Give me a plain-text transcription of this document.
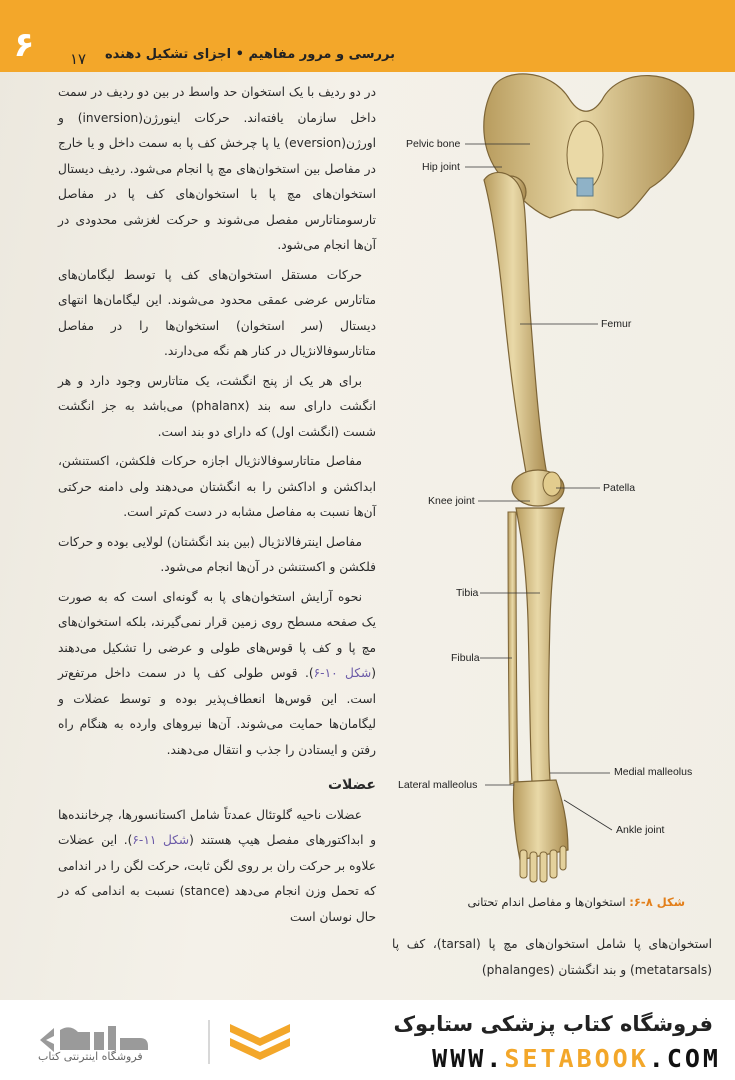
۶	۱۷ بررسی و مرور مفاهیم • اجزای تشکیل دهنده

در دو ردیف با یک استخوان حد واسط در بین دو ردیف در سمت داخل سازمان یافته‌اند. حرکات اینورژن(inversion) و اورژن(eversion) یا پا چرخش کف پا به سمت داخل و یا خارج در مفاصل بین استخوان‌های مچ پا انجام می‌شود. ردیف دیستال استخوان‌های مچ پا با استخوان‌های کف پا در مفاصل تارسومتاتارس مفصل می‌شوند و حرکت لغزشی محدودی در آن‌ها انجام می‌شود.

حرکات مستقل استخوان‌های کف پا توسط لیگامان‌های متاتارس عرضی عمقی محدود می‌شوند. این لیگامان‌ها انتهای دیستال (سر استخوان) استخوان‌ها را در مفاصل متاتارسوفالانژیال در کنار هم نگه می‌دارند.

برای هر یک از پنج انگشت، یک متاتارس وجود دارد و هر انگشت دارای سه بند (phalanx) می‌باشد به جز انگشت شست (انگشت اول) که دارای دو بند است.

مفاصل متاتارسوفالانژیال اجازه حرکات فلکشن، اکستنشن، ابداکشن و اداکشن را به انگشتان می‌دهند ولی دامنه حرکتی آن‌ها نسبت به مفاصل مشابه در دست کم‌تر است.

مفاصل اینترفالانژیال (بین بند انگشتان) لولایی بوده و حرکات فلکشن و اکستنشن در آن‌ها انجام می‌شود.

نحوه آرایش استخوان‌های پا به گونه‌ای است که به صورت یک صفحه مسطح روی زمین قرار نمی‌گیرند، بلکه استخوان‌های مچ پا و کف پا قوس‌های طولی و عرضی را تشکیل می‌دهند (شکل ۱۰-۶). قوس طولی کف پا در سمت داخل مرتفع‌تر است. این قوس‌ها انعطاف‌پذیر بوده و توسط عضلات و لیگامان‌ها حمایت می‌شوند. آن‌ها نیروهای وارده به هنگام راه رفتن و ایستادن را جذب و انتقال می‌دهند.

عضلات

عضلات ناحیه گلوتئال عمدتاً شامل اکستانسورها، چرخاننده‌ها و ابداکتورهای مفصل هیپ هستند (شکل ۱۱-۶). این عضلات علاوه بر حرکت ران بر روی لگن ثابت، حرکت لگن را در اندامی که تحمل وزن انجام می‌دهد (stance) نسبت به اندامی که در حال نوسان است

Pelvic bone
Hip joint
Femur
Knee joint
Patella
Tibia
Fibula
Medial malleolus
Lateral malleolus
Ankle joint
شکل ۸-۶: استخوان‌ها و مفاصل اندام تحتانی

استخوان‌های پا شامل استخوان‌های مچ پا (tarsal)، کف پا (metatarsals) و بند انگشتان (phalanges)

فروشگاه اینترنتی کتاب
فروشگاه کتاب پزشکی ستابوک
WWW.SETABOOK.COM
